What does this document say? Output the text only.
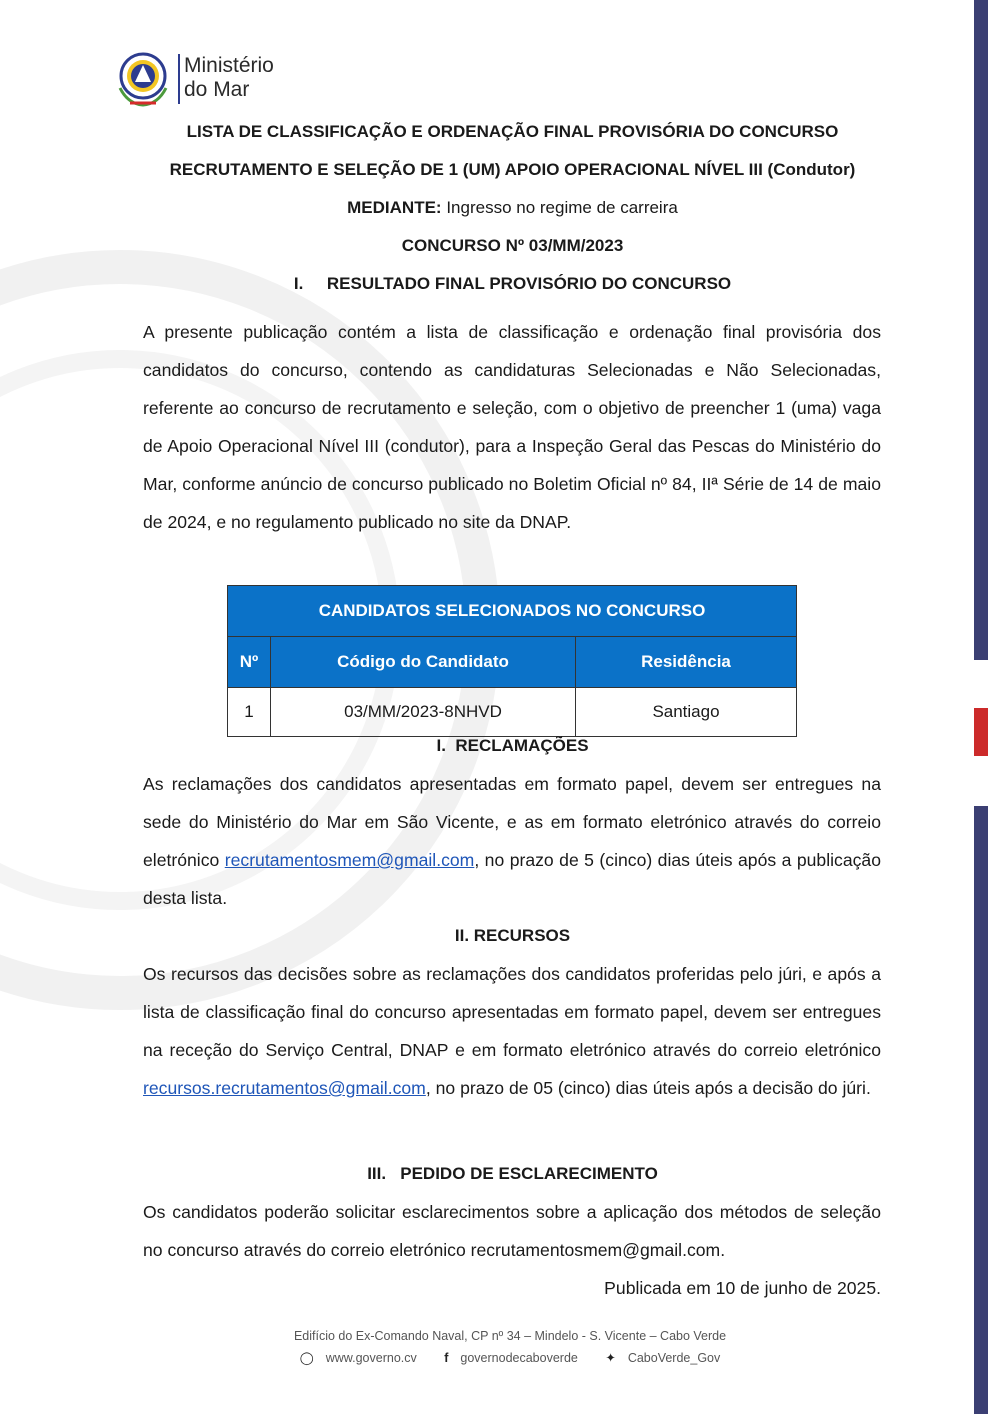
Ministério
do Mar
LISTA DE CLASSIFICAÇÃO E ORDENAÇÃO FINAL PROVISÓRIA DO CONCURSO
RECRUTAMENTO E SELEÇÃO DE 1 (UM) APOIO OPERACIONAL NÍVEL III (Condutor)
MEDIANTE: Ingresso no regime de carreira
CONCURSO Nº 03/MM/2023
I.     RESULTADO FINAL PROVISÓRIO DO CONCURSO

A presente publicação contém a lista de classificação e ordenação final provisória dos candidatos do concurso, contendo as candidaturas Selecionadas e Não Selecionadas, referente ao concurso de recrutamento e seleção, com o objetivo de preencher 1 (uma) vaga de Apoio Operacional Nível III (condutor), para a Inspeção Geral das Pescas do Ministério do Mar, conforme anúncio de concurso publicado no Boletim Oficial nº 84, IIª Série de 14 de maio de 2024, e no regulamento publicado no site da DNAP.

CANDIDATOS SELECIONADOS NO CONCURSO		
Nº	Código do Candidato	Residência
1	03/MM/2023-8NHVD	Santiago
I.  RECLAMAÇÕES

As reclamações dos candidatos apresentadas em formato papel, devem ser entregues na sede do Ministério do Mar em São Vicente, e as em formato eletrónico através do correio eletrónico recrutamentosmem@gmail.com, no prazo de 5 (cinco) dias úteis após a publicação desta lista.

II. RECURSOS

Os recursos das decisões sobre as reclamações dos candidatos proferidas pelo júri, e após a lista de classificação final do concurso apresentadas em formato papel, devem ser entregues na receção do Serviço Central, DNAP e em formato eletrónico através do correio eletrónico recursos.recrutamentos@gmail.com, no prazo de 05 (cinco) dias úteis após a decisão do júri.

III.   PEDIDO DE ESCLARECIMENTO

Os candidatos poderão solicitar esclarecimentos sobre a aplicação dos métodos de seleção no concurso através do correio eletrónico recrutamentosmem@gmail.com.

Publicada em 10 de junho de 2025.

Edifício do Ex-Comando Naval, CP nº 34 – Mindelo - S. Vicente – Cabo Verde
◯ www.governo.cv f governodecaboverde ✦ CaboVerde_Gov
